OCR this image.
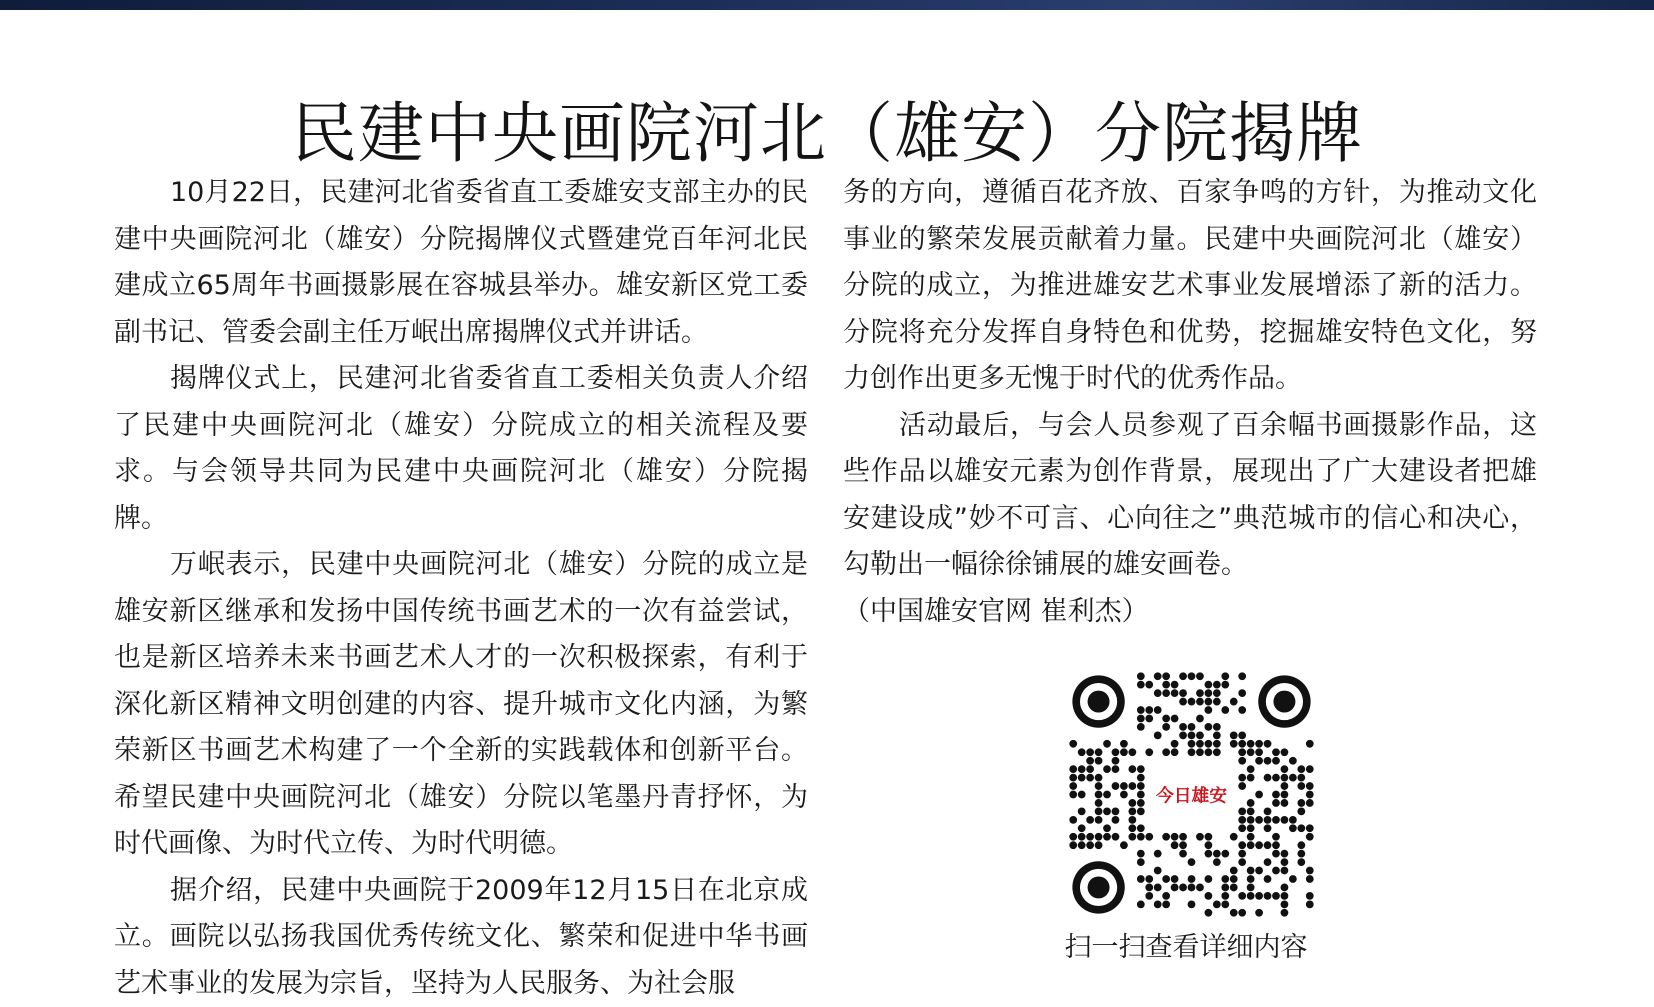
民建中央画院河北（雄安）分院揭牌

10月22日，民建河北省委省直工委雄安支部主办的民建中央画院河北（雄安）分院揭牌仪式暨建党百年河北民建成立65周年书画摄影展在容城县举办。雄安新区党工委副书记、管委会副主任万岷出席揭牌仪式并讲话。

揭牌仪式上，民建河北省委省直工委相关负责人介绍了民建中央画院河北（雄安）分院成立的相关流程及要求。与会领导共同为民建中央画院河北（雄安）分院揭牌。

万岷表示，民建中央画院河北（雄安）分院的成立是雄安新区继承和发扬中国传统书画艺术的一次有益尝试，也是新区培养未来书画艺术人才的一次积极探索，有利于深化新区精神文明创建的内容、提升城市文化内涵，为繁荣新区书画艺术构建了一个全新的实践载体和创新平台。希望民建中央画院河北（雄安）分院以笔墨丹青抒怀，为时代画像、为时代立传、为时代明德。

据介绍，民建中央画院于2009年12月15日在北京成立。画院以弘扬我国优秀传统文化、繁荣和促进中华书画艺术事业的发展为宗旨，坚持为人民服务、为社会服

务的方向，遵循百花齐放、百家争鸣的方针，为推动文化事业的繁荣发展贡献着力量。民建中央画院河北（雄安）分院的成立，为推进雄安艺术事业发展增添了新的活力。分院将充分发挥自身特色和优势，挖掘雄安特色文化，努力创作出更多无愧于时代的优秀作品。

活动最后，与会人员参观了百余幅书画摄影作品，这些作品以雄安元素为创作背景，展现出了广大建设者把雄安建设成”妙不可言、心向往之”典范城市的信心和决心，勾勒出一幅徐徐铺展的雄安画卷。

（中国雄安官网 崔利杰）

今日雄安
扫一扫查看详细内容
